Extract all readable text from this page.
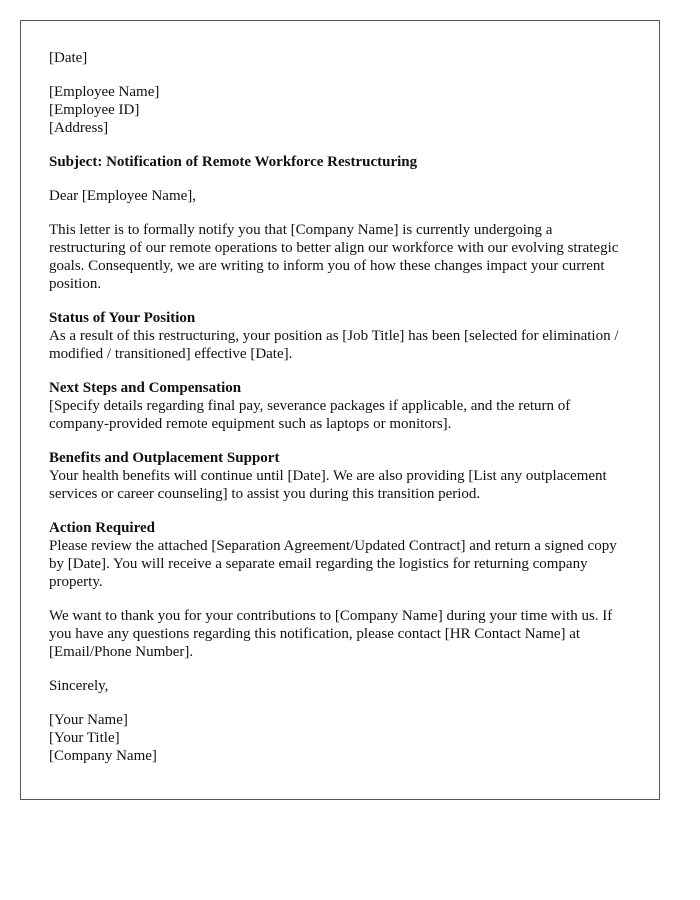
[Date]
[Employee Name]
[Employee ID]
[Address]

Subject: Notification of Remote Workforce Restructuring

Dear [Employee Name],

This letter is to formally notify you that [Company Name] is currently undergoing a restructuring of our remote operations to better align our workforce with our evolving strategic goals. Consequently, we are writing to inform you of how these changes impact your current position.

Status of Your Position
As a result of this restructuring, your position as [Job Title] has been [selected for elimination / modified / transitioned] effective [Date].
Next Steps and Compensation
[Specify details regarding final pay, severance packages if applicable, and the return of company-provided remote equipment such as laptops or monitors].
Benefits and Outplacement Support
Your health benefits will continue until [Date]. We are also providing [List any outplacement services or career counseling] to assist you during this transition period.
Action Required
Please review the attached [Separation Agreement/Updated Contract] and return a signed copy by [Date]. You will receive a separate email regarding the logistics for returning company property.

We want to thank you for your contributions to [Company Name] during your time with us. If you have any questions regarding this notification, please contact [HR Contact Name] at [Email/Phone Number].

Sincerely,

[Your Name]
[Your Title]
[Company Name]
